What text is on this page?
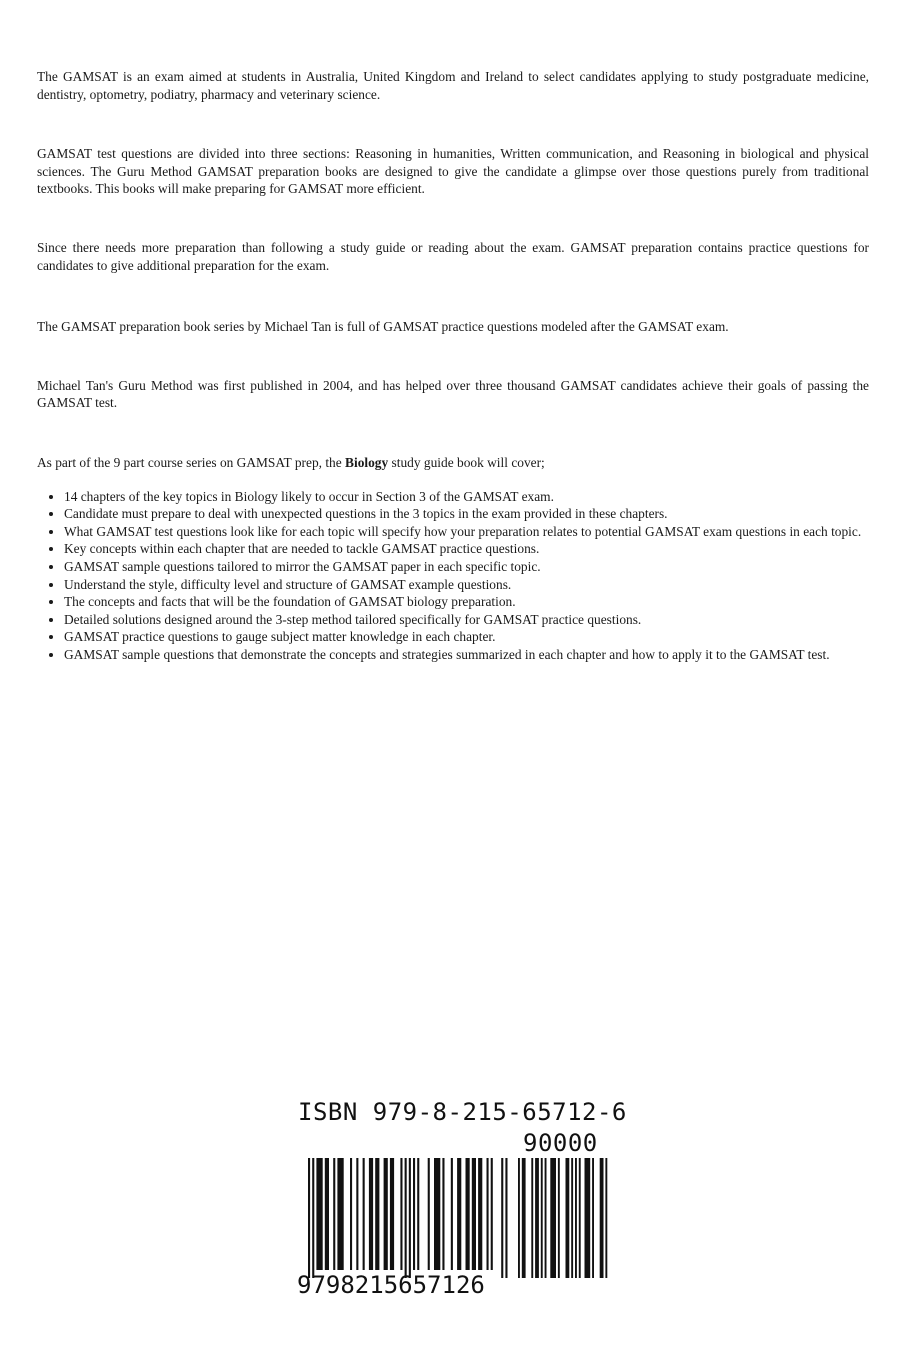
The GAMSAT is an exam aimed at students in Australia, United Kingdom and Ireland to select candidates applying to study postgraduate medicine, dentistry, optometry, podiatry, pharmacy and veterinary science.

GAMSAT test questions are divided into three sections: Reasoning in humanities, Written communication, and Reasoning in biological and physical sciences. The Guru Method GAMSAT preparation books are designed to give the candidate a glimpse over those questions purely from traditional textbooks. This books will make preparing for GAMSAT more efficient.

Since there needs more preparation than following a study guide or reading about the exam. GAMSAT preparation contains practice questions for candidates to give additional preparation for the exam.

The GAMSAT preparation book series by Michael Tan is full of GAMSAT practice questions modeled after the GAMSAT exam.

Michael Tan's Guru Method was first published in 2004, and has helped over three thousand GAMSAT candidates achieve their goals of passing the GAMSAT test.

As part of the 9 part course series on GAMSAT prep, the Biology study guide book will cover;

• 14 chapters of the key topics in Biology likely to occur in Section 3 of the GAMSAT exam.
• Candidate must prepare to deal with unexpected questions in the 3 topics in the exam provided in these chapters.
• What GAMSAT test questions look like for each topic will specify how your preparation relates to potential GAMSAT exam questions in each topic.
• Key concepts within each chapter that are needed to tackle GAMSAT practice questions.
• GAMSAT sample questions tailored to mirror the GAMSAT paper in each specific topic.
• Understand the style, difficulty level and structure of GAMSAT example questions.
• The concepts and facts that will be the foundation of GAMSAT biology preparation.
• Detailed solutions designed around the 3-step method tailored specifically for GAMSAT practice questions.
• GAMSAT practice questions to gauge subject matter knowledge in each chapter.
• GAMSAT sample questions that demonstrate the concepts and strategies summarized in each chapter and how to apply it to the GAMSAT test.
ISBN 979-8-215-65712-6
90000
9798215657126
